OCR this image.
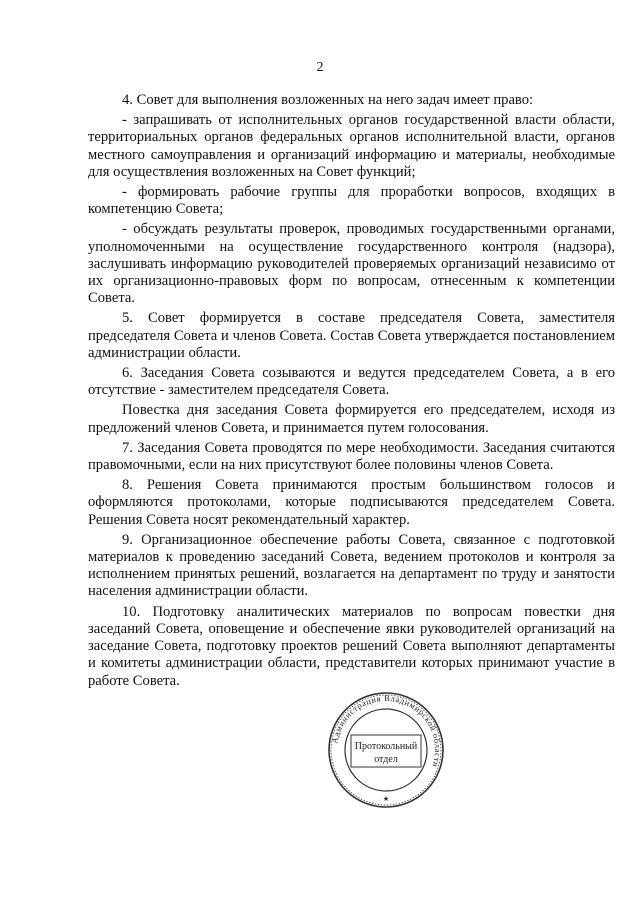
2

4. Совет для выполнения возложенных на него задач имеет право:

- запрашивать от исполнительных органов государственной власти области, территориальных органов федеральных органов исполнительной власти, органов местного самоуправления и организаций информацию и материалы, необходимые для осуществления возложенных на Совет функций;

- формировать рабочие группы для проработки вопросов, входящих в компетенцию Совета;

- обсуждать результаты проверок, проводимых государственными органами, уполномоченными на осуществление государственного контроля (надзора), заслушивать информацию руководителей проверяемых организаций независимо от их организационно-правовых форм по вопросам, отнесенным к компетенции Совета.

5. Совет формируется в составе председателя Совета, заместителя председателя Совета и членов Совета. Состав Совета утверждается постановлением администрации области.

6. Заседания Совета созываются и ведутся председателем Совета, а в его отсутствие - заместителем председателя Совета.

Повестка дня заседания Совета формируется его председателем, исходя из предложений членов Совета, и принимается путем голосования.

7. Заседания Совета проводятся по мере необходимости. Заседания считаются правомочными, если на них присутствуют более половины членов Совета.

8. Решения Совета принимаются простым большинством голосов и оформляются протоколами, которые подписываются председателем Совета. Решения Совета носят рекомендательный характер.

9. Организационное обеспечение работы Совета, связанное с подготовкой материалов к проведению заседаний Совета, ведением протоколов и контроля за исполнением принятых решений, возлагается на департамент по труду и занятости населения администрации области.

10. Подготовку аналитических материалов по вопросам повестки дня заседаний Совета, оповещение и обеспечение явки руководителей организаций на заседание Совета, подготовку проектов решений Совета выполняют департаменты и комитеты администрации области, представители которых принимают участие в работе Совета.

Администрация Владимирской области
Протокольный
отдел
★
